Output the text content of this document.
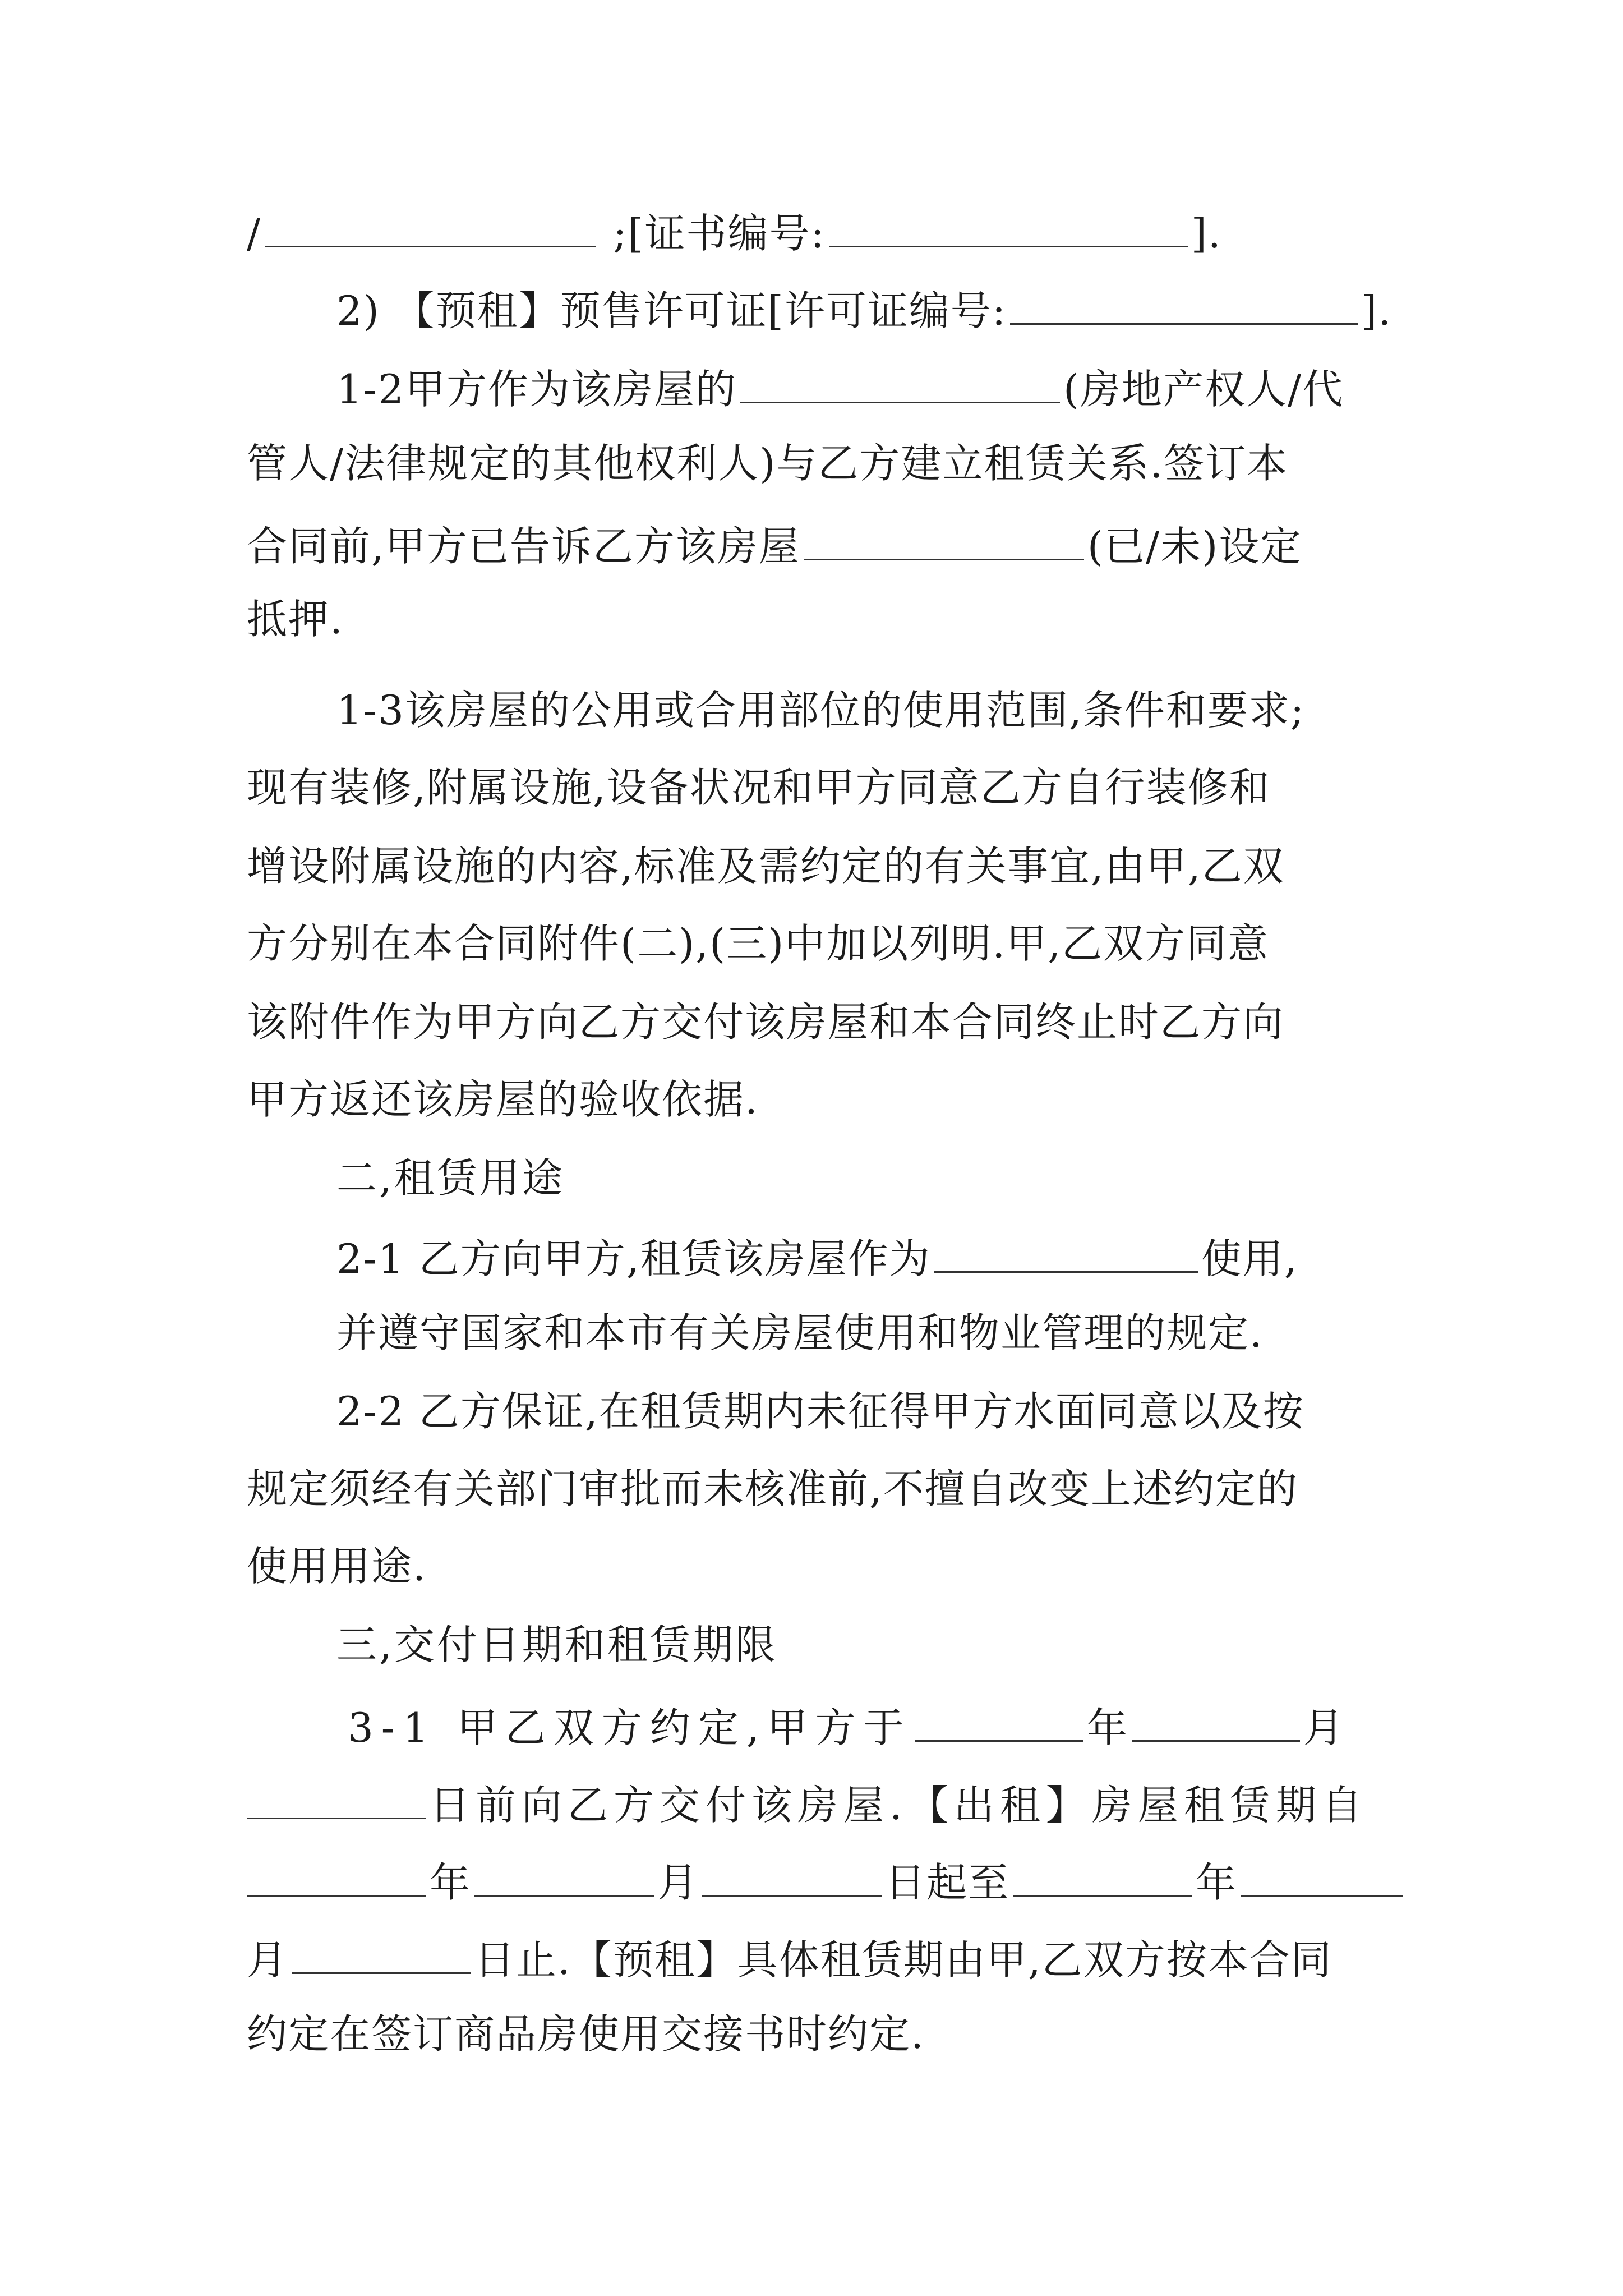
/	;[证书编号:	].
2) 【预租】预售许可证[许可证编号:	].
1-2甲方作为该房屋的	(房地产权人/代
管人/法律规定的其他权利人)与乙方建立租赁关系.签订本
合同前,甲方已告诉乙方该房屋	(已/未)设定
抵押.
1-3该房屋的公用或合用部位的使用范围,条件和要求;
现有装修,附属设施,设备状况和甲方同意乙方自行装修和
增设附属设施的内容,标准及需约定的有关事宜,由甲,乙双
方分别在本合同附件(二),(三)中加以列明.甲,乙双方同意
该附件作为甲方向乙方交付该房屋和本合同终止时乙方向
甲方返还该房屋的验收依据.
二,租赁用途
2-1 乙方向甲方,租赁该房屋作为	使用,
并遵守国家和本市有关房屋使用和物业管理的规定.
2-2 乙方保证,在租赁期内未征得甲方水面同意以及按
规定须经有关部门审批而未核准前,不擅自改变上述约定的
使用用途.
三,交付日期和租赁期限
3-1 甲乙双方约定,甲方于	年	月
日前向乙方交付该房屋.【出租】房屋租赁期自
年	月	日起至	年
月	日止.【预租】具体租赁期由甲,乙双方按本合同
约定在签订商品房使用交接书时约定.
